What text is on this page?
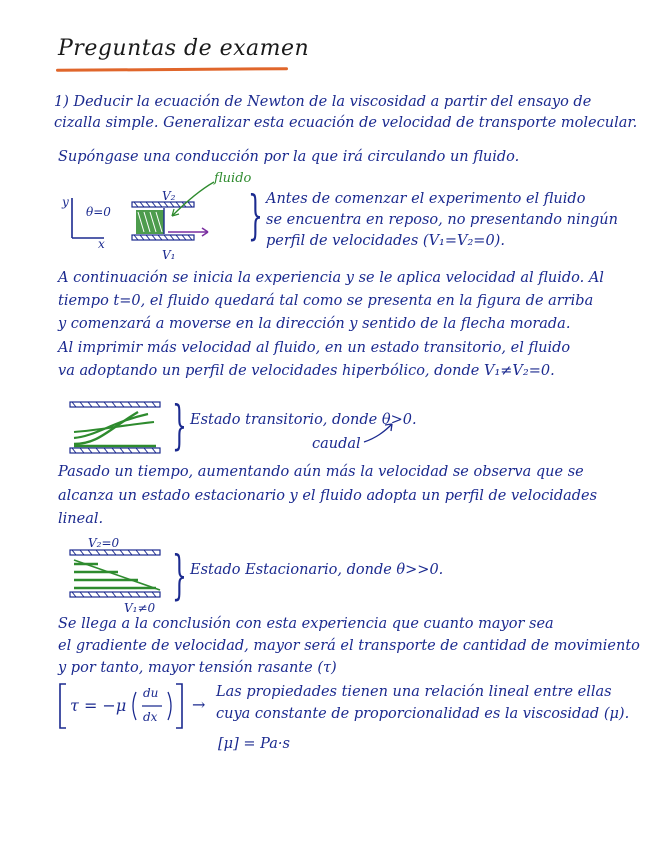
Preguntas de examen
1) Deducir la ecuación de Newton de la viscosidad a partir del ensayo de
cizalla simple. Generalizar esta ecuación de velocidad de transporte molecular.
Supóngase una conducción por la que irá circulando un fluido.
fluido
V₂
V₁
θ=0
y
x	} Antes de comenzar el experimento el fluido
se encuentra en reposo, no presentando ningún
perfil de velocidades (V₁=V₂=0).
A continuación se inicia la experiencia y se le aplica velocidad al fluido. Al
tiempo t=0, el fluido quedará tal como se presenta en la figura de arriba
y comenzará a moverse en la dirección y sentido de la flecha morada.
Al imprimir más velocidad al fluido, en un estado transitorio, el fluido
va adoptando un perfil de velocidades hiperbólico, donde V₁≠V₂=0.
} Estado transitorio, donde θ>0.
caudal
Pasado un tiempo, aumentando aún más la velocidad se observa que se
alcanza un estado estacionario y el fluido adopta un perfil de velocidades
lineal.
V₂=0
V₁≠0
} Estado Estacionario, donde θ>>0.
Se llega a la conclusión con esta experiencia que cuanto mayor sea
el gradiente de velocidad, mayor será el transporte de cantidad de movimiento
y por tanto, mayor tensión rasante (τ)
τ = −μ
du
dx
→
Las propiedades tienen una relación lineal entre ellas
cuya constante de proporcionalidad es la viscosidad (μ).
[μ] = Pa·s
